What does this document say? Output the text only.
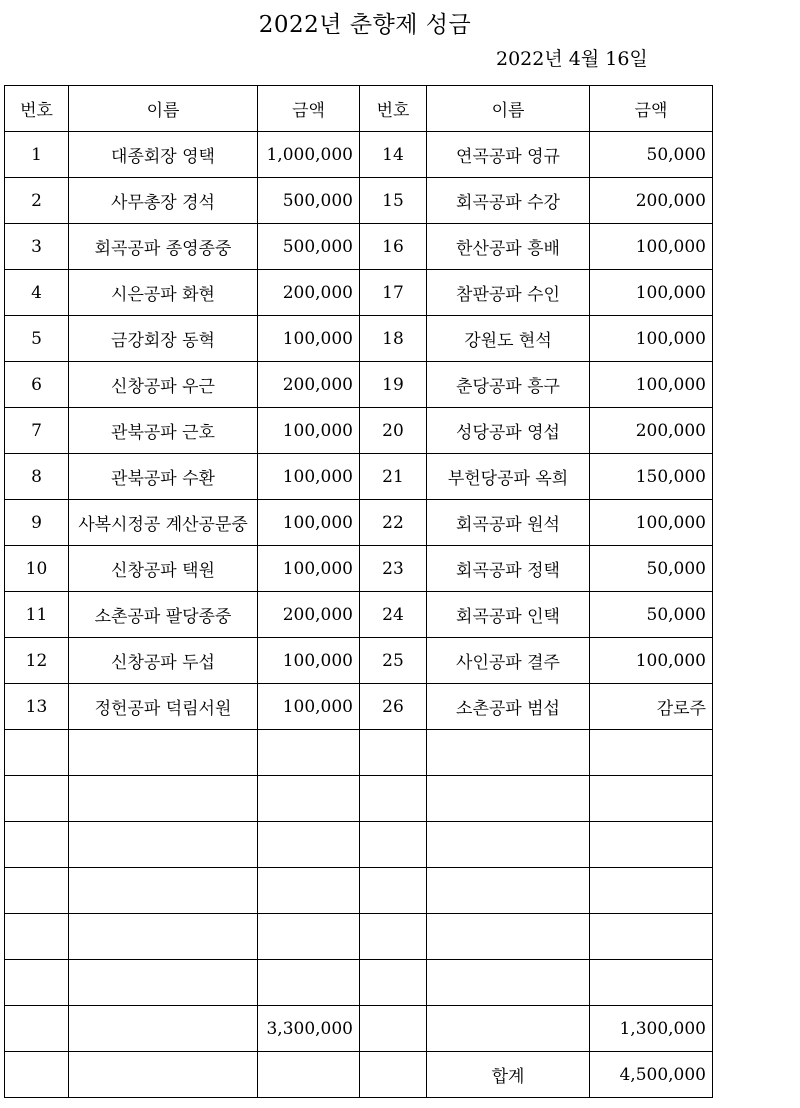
2022년 춘향제 성금
2022년 4월 16일
번호	이름	금액	번호	이름	금액
1	대종회장 영택	1,000,000	14	연곡공파 영규	50,000
2	사무총장 경석	500,000	15	회곡공파 수강	200,000
3	회곡공파 종영종중	500,000	16	한산공파 흥배	100,000
4	시은공파 화현	200,000	17	참판공파 수인	100,000
5	금강회장 동혁	100,000	18	강원도 현석	100,000
6	신창공파 우근	200,000	19	춘당공파 흥구	100,000
7	관북공파 근호	100,000	20	성당공파 영섭	200,000
8	관북공파 수환	100,000	21	부헌당공파 옥희	150,000
9	사복시정공 계산공문중	100,000	22	회곡공파 원석	100,000
10	신창공파 택원	100,000	23	회곡공파 정택	50,000
11	소촌공파 팔당종중	200,000	24	회곡공파 인택	50,000
12	신창공파 두섭	100,000	25	사인공파 결주	100,000
13	정헌공파 덕림서원	100,000	26	소촌공파 범섭	감로주

		3,300,000			1,300,000
				합계	4,500,000
